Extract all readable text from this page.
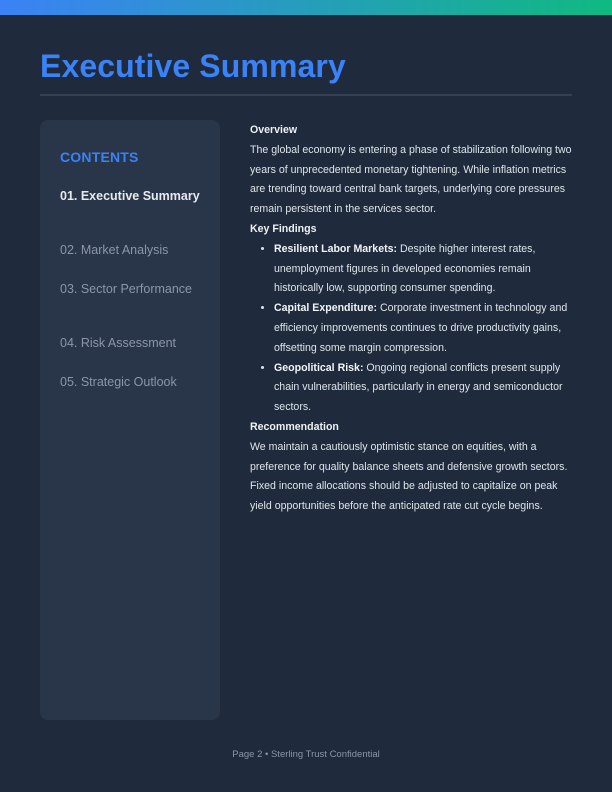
Executive Summary
CONTENTS
01. Executive Summary
02. Market Analysis
03. Sector Performance
04. Risk Assessment
05. Strategic Outlook
Overview

The global economy is entering a phase of stabilization following two years of unprecedented monetary tightening. While inflation metrics are trending toward central bank targets, underlying core pressures remain persistent in the services sector.

Key Findings
• Resilient Labor Markets: Despite higher interest rates, unemployment figures in developed economies remain historically low, supporting consumer spending.
• Capital Expenditure: Corporate investment in technology and efficiency improvements continues to drive productivity gains, offsetting some margin compression.
• Geopolitical Risk: Ongoing regional conflicts present supply chain vulnerabilities, particularly in energy and semiconductor sectors.
Recommendation

We maintain a cautiously optimistic stance on equities, with a preference for quality balance sheets and defensive growth sectors. Fixed income allocations should be adjusted to capitalize on peak yield opportunities before the anticipated rate cut cycle begins.

Page 2 • Sterling Trust Confidential
